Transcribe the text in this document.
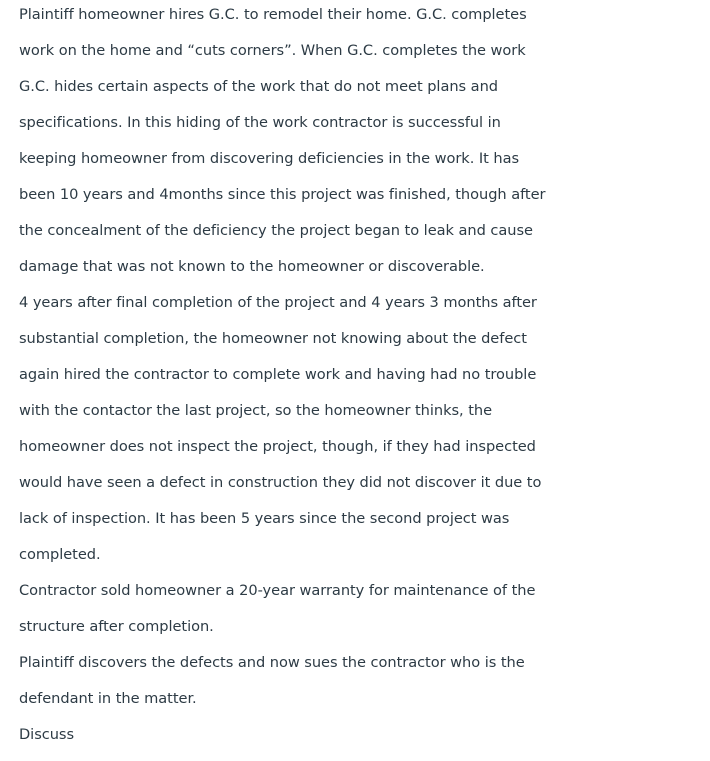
Plaintiff homeowner hires G.C. to remodel their home. G.C. completes
work on the home and “cuts corners”. When G.C. completes the work
G.C. hides certain aspects of the work that do not meet plans and
specifications. In this hiding of the work contractor is successful in
keeping homeowner from discovering deficiencies in the work. It has
been 10 years and 4months since this project was finished, though after
the concealment of the deficiency the project began to leak and cause
damage that was not known to the homeowner or discoverable.

4 years after final completion of the project and 4 years 3 months after
substantial completion, the homeowner not knowing about the defect
again hired the contractor to complete work and having had no trouble
with the contactor the last project, so the homeowner thinks, the
homeowner does not inspect the project, though, if they had inspected
would have seen a defect in construction they did not discover it due to
lack of inspection. It has been 5 years since the second project was
completed.

Contractor sold homeowner a 20-year warranty for maintenance of the
structure after completion.

Plaintiff discovers the defects and now sues the contractor who is the
defendant in the matter.

Discuss
